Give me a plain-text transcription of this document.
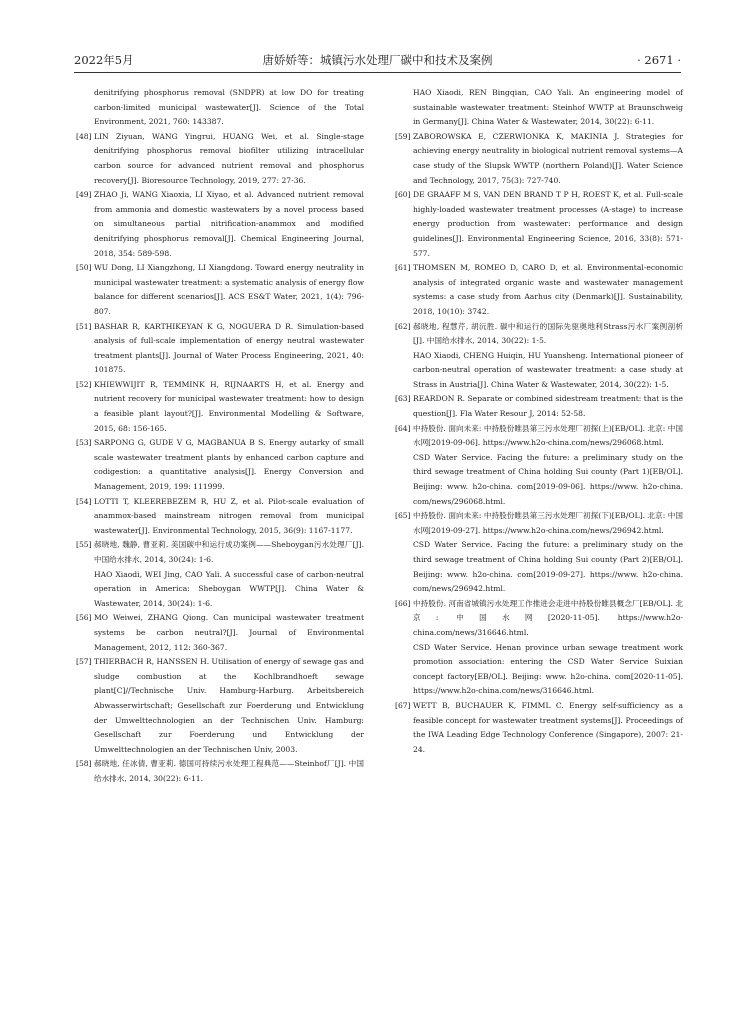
2022年5月	唐娇娇等：城镇污水处理厂碳中和技术及案例	· 2671 ·

denitrifying phosphorus removal (SNDPR) at low DO for treating carbon-limited municipal wastewater[J]. Science of the Total Environment, 2021, 760: 143387.

[48] LIN Ziyuan, WANG Yingrui, HUANG Wei, et al. Single-stage denitrifying phosphorus removal biofilter utilizing intracellular carbon source for advanced nutrient removal and phosphorus recovery[J]. Bioresource Technology, 2019, 277: 27-36.

[49] ZHAO Ji, WANG Xiaoxia, LI Xiyao, et al. Advanced nutrient removal from ammonia and domestic wastewaters by a novel process based on simultaneous partial nitrification-anammox and modified denitrifying phosphorus removal[J]. Chemical Engineering Journal, 2018, 354: 589-598.

[50] WU Dong, LI Xiangzhong, LI Xiangdong. Toward energy neutrality in municipal wastewater treatment: a systematic analysis of energy flow balance for different scenarios[J]. ACS ES&T Water, 2021, 1(4): 796-807.

[51] BASHAR R, KARTHIKEYAN K G, NOGUERA D R. Simulation-based analysis of full-scale implementation of energy neutral wastewater treatment plants[J]. Journal of Water Process Engineering, 2021, 40: 101875.

[52] KHIEWWIJIT R, TEMMINK H, RIJNAARTS H, et al. Energy and nutrient recovery for municipal wastewater treatment: how to design a feasible plant layout?[J]. Environmental Modelling & Software, 2015, 68: 156-165.

[53] SARPONG G, GUDE V G, MAGBANUA B S. Energy autarky of small scale wastewater treatment plants by enhanced carbon capture and codigestion: a quantitative analysis[J]. Energy Conversion and Management, 2019, 199: 111999.

[54] LOTTI T, KLEEREBEZEM R, HU Z, et al. Pilot-scale evaluation of anammox-based mainstream nitrogen removal from municipal wastewater[J]. Environmental Technology, 2015, 36(9): 1167-1177.

[55] 郝晓地, 魏静, 曹亚莉. 美国碳中和运行成功案例——Sheboygan污水处理厂[J]. 中国给水排水, 2014, 30(24): 1-6.

HAO Xiaodi, WEI Jing, CAO Yali. A successful case of carbon-neutral operation in America: Sheboygan WWTP[J]. China Water & Wastewater, 2014, 30(24): 1-6.

[56] MO Weiwei, ZHANG Qiong. Can municipal wastewater treatment systems be carbon neutral?[J]. Journal of Environmental Management, 2012, 112: 360-367.

[57] THIERBACH R, HANSSEN H. Utilisation of energy of sewage gas and sludge combustion at the Kochlbrandhoeft sewage plant[C]//Technische Univ. Hamburg-Harburg. Arbeitsbereich Abwasserwirtschaft; Gesellschaft zur Foerderung und Entwicklung der Umwelttechnologien an der Technischen Univ. Hamburg: Gesellschaft zur Foerderung und Entwicklung der Umwelttechnologien an der Technischen Univ, 2003.

[58] 郝晓地, 任冰倩, 曹亚莉. 德国可持续污水处理工程典范——Steinhof厂[J]. 中国给水排水, 2014, 30(22): 6-11.

HAO Xiaodi, REN Bingqian, CAO Yali. An engineering model of sustainable wastewater treatment: Steinhof WWTP at Braunschweig in Germany[J]. China Water & Wastewater, 2014, 30(22): 6-11.

[59] ZABOROWSKA E, CZERWIONKA K, MAKINIA J. Strategies for achieving energy neutrality in biological nutrient removal systems—A case study of the Slupsk WWTP (northern Poland)[J]. Water Science and Technology, 2017, 75(3): 727-740.

[60] DE GRAAFF M S, VAN DEN BRAND T P H, ROEST K, et al. Full-scale highly-loaded wastewater treatment processes (A-stage) to increase energy production from wastewater: performance and design guidelines[J]. Environmental Engineering Science, 2016, 33(8): 571-577.

[61] THOMSEN M, ROMEO D, CARO D, et al. Environmental-economic analysis of integrated organic waste and wastewater management systems: a case study from Aarhus city (Denmark)[J]. Sustainability, 2018, 10(10): 3742.

[62] 郝晓地, 程慧芹, 胡沅胜. 碳中和运行的国际先驱奥地利Strass污水厂案例剖析[J]. 中国给水排水, 2014, 30(22): 1-5.

HAO Xiaodi, CHENG Huiqin, HU Yuansheng. International pioneer of carbon-neutral operation of wastewater treatment: a case study at Strass in Austria[J]. China Water & Wastewater, 2014, 30(22): 1-5.

[63] REARDON R. Separate or combined sidestream treatment: that is the question[J]. Fla Water Resour J, 2014: 52-58.

[64] 中持股份. 面向未来: 中持股份睢县第三污水处理厂初探(上)[EB/OL]. 北京: 中国水网[2019-09-06]. https://www.h2o-china.com/news/296068.html.

CSD Water Service. Facing the future: a preliminary study on the third sewage treatment of China holding Sui county (Part 1)[EB/OL]. Beijing: www. h2o-china. com[2019-09-06]. https://www. h2o-china. com/news/296068.html.

[65] 中持股份. 面向未来: 中持股份睢县第三污水处理厂初探(下)[EB/OL]. 北京: 中国水网[2019-09-27]. https://www.h2o-china.com/news/296942.html.

CSD Water Service. Facing the future: a preliminary study on the third sewage treatment of China holding Sui county (Part 2)[EB/OL]. Beijing: www. h2o-china. com[2019-09-27]. https://www. h2o-china. com/news/296942.html.

[66] 中持股份. 河南省城镇污水处理工作推进会走进中持股份睢县概念厂[EB/OL]. 北京: 中国水网[2020-11-05]. https://www.h2o-china.com/news/316646.html.

CSD Water Service. Henan province urban sewage treatment work promotion association: entering the CSD Water Service Suixian concept factory[EB/OL]. Beijing: www. h2o-china. com[2020-11-05]. https://www.h2o-china.com/news/316646.html.

[67] WETT B, BUCHAUER K, FIMML C. Energy self-sufficiency as a feasible concept for wastewater treatment systems[J]. Proceedings of the IWA Leading Edge Technology Conference (Singapore), 2007: 21-24.
